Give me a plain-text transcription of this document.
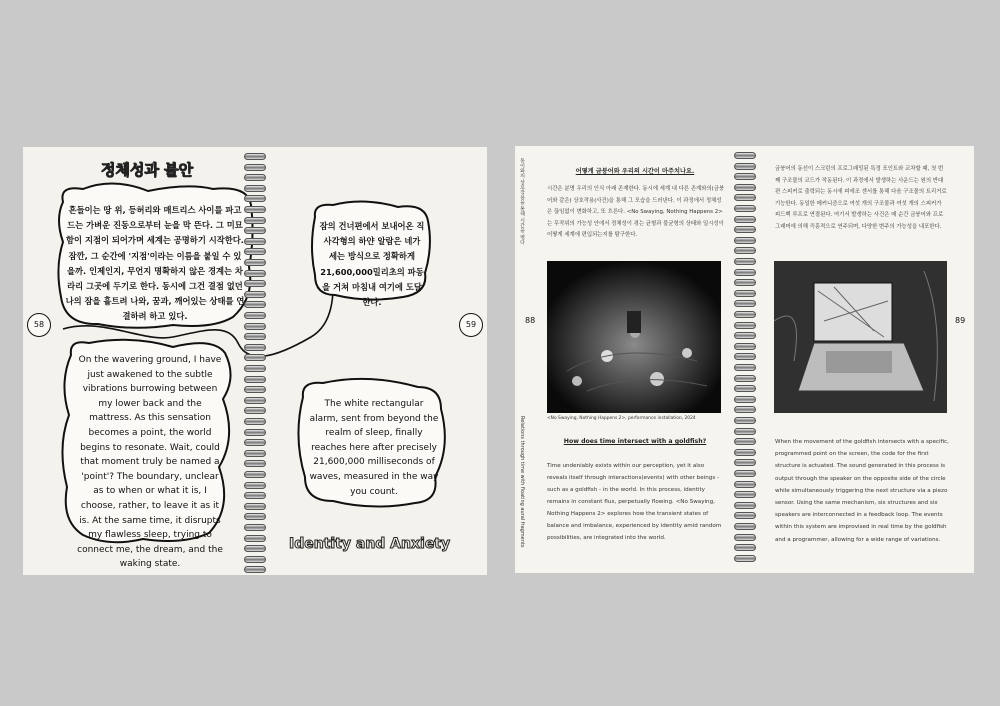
정체성과 불안
Identity and Anxiety
흔들이는 땅 위, 등허리와 매트리스 사이를 파고드는 가벼운 진동으로부터 눈을 막 뜬다. 그 미묘함이 지점이 되어가며 세계는 공명하기 시작한다. 잠깐, 그 순간에 '지점'이라는 이름을 붙일 수 있을까. 인제인지, 무언지 명확하지 않은 경계는 차라리 그곳에 두기로 한다. 동시에 그건 결점 없던 나의 잠을 흩트려 나와, 꿈과, 깨어있는 상태를 연결하려 하고 있다.
잠의 건너편에서 보내어온 직사각형의 하얀 알람은 네가 세는 방식으로 정확하게 21,600,000밀리초의 파동을 거쳐 마침내 여기에 도달한다.
On the wavering ground, I have just awakened to the subtle vibrations burrowing between my lower back and the mattress. As this sensation becomes a point, the world begins to resonate. Wait, could that moment truly be named a 'point'? The boundary, unclear as to when or what it is, I choose, rather, to leave it as it is. At the same time, it disrupts my flawless sleep, trying to connect me, the dream, and the waking state.
The white rectangular alarm, sent from beyond the realm of sleep, finally reaches here after precisely 21,600,000 milliseconds of waves, measured in the way you count.
58	59
동이와의 상호작용을 통해 시간을 엮다
Relations through time with floating aural fragments
어떻게 금붕어와 우리의 시간이 마주치나요.
시간은 분명 우리의 인식 아래 존재한다. 동시에 세계 내 다른 존재와의(금붕어와 같은) 상호작용(사건)을 통해 그 모습을 드러낸다. 이 과정에서 정체성은 끊임없이 변화하고, 또 흐른다. <No Swaying, Nothing Happens 2>는 무작위의 가능성 안에서 정체성이 겪는 균형과 불균형의 상태와 일시성이 어떻게 세계에 편입되는지를 탐구한다.
금붕어의 동선이 스크린의 프로그래밍된 특정 포인트와 교차할 때, 첫 번째 구조물의 코드가 작동된다. 이 과정에서 발생하는 사운드는 원의 반대편 스피커로 출력되는 동시에 피에조 센서를 통해 다음 구조물의 트리거로 기능한다. 동일한 메커니즘으로 여섯 개의 구조물과 여섯 개의 스피커가 피드백 루프로 연결된다. 여기서 발생하는 사건은 매 순간 금붕어와 프로그래머에 의해 즉흥적으로 연주되며, 다양한 변주의 가능성을 내포한다.
<No Swaying, Nothing Happens 2>, performance installation, 2024
How does time intersect with a goldfish?
Time undeniably exists within our perception, yet it also reveals itself through interactions(events) with other beings - such as a goldfish - in the world. In this process, identity remains in constant flux, perpetually flowing. <No Swaying, Nothing Happens 2> explores how the transient states of balance and imbalance, experienced by identity amid random possibilities, are integrated into the world.
When the movement of the goldfish intersects with a specific, programmed point on the screen, the code for the first structure is actuated. The sound generated in this process is output through the speaker on the opposite side of the circle while simultaneously triggering the next structure via a piezo sensor. Using the same mechanism, six structures and six speakers are interconnected in a feedback loop. The events within this system are improvised in real time by the goldfish and a programmer, allowing for a wide range of variations.
88	89
